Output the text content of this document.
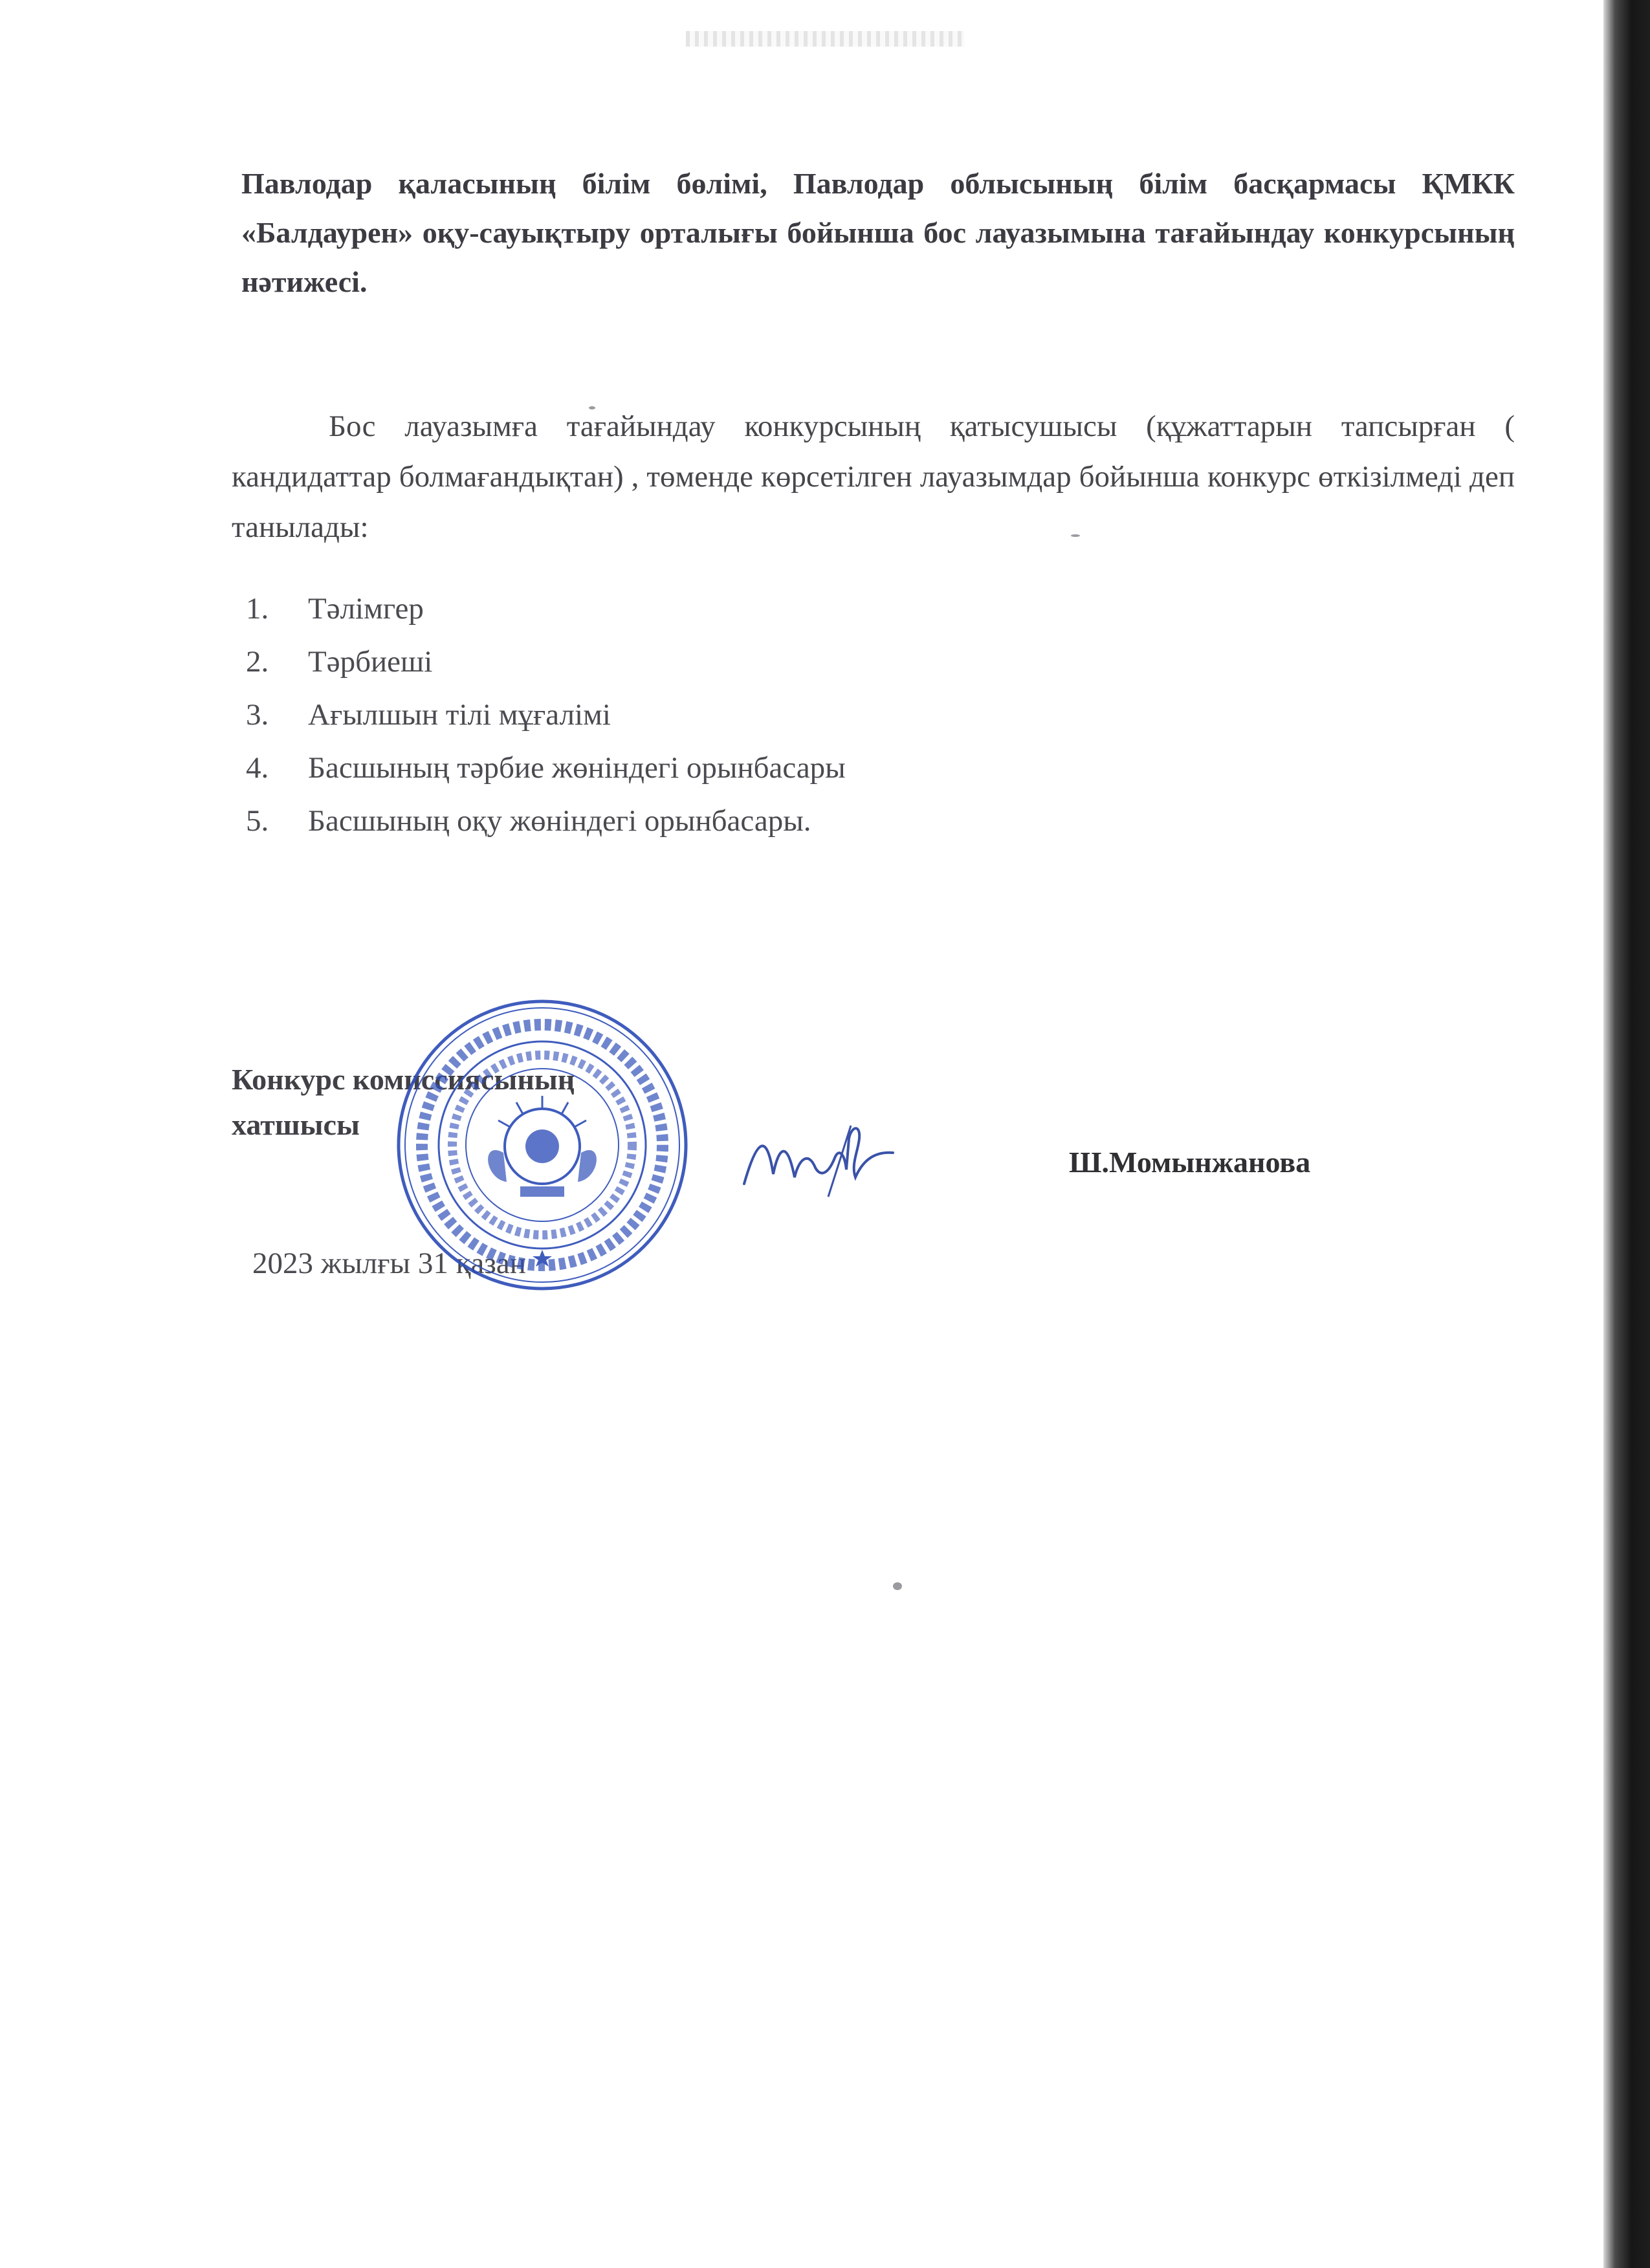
Павлодар қаласының білім бөлімі, Павлодар облысының білім басқармасы ҚМКК «Балдаурен» оқу-сауықтыру орталығы бойынша бос лауазымына тағайындау конкурсының нәтижесі.

Бос лауазымға тағайындау конкурсының қатысушысы (құжаттарын тапсырған ( кандидаттар болмағандықтан) , төменде көрсетілген лауазымдар бойынша конкурс өткізілмеді деп танылады:

1.	Тәлімгер
2.	Тәрбиеші
3.	Ағылшын тілі мұғалімі
4.	Басшының тәрбие жөніндегі орынбасары
5.	Басшының оқу жөніндегі орынбасары.
Конкурс комиссиясының
хатшысы
Ш.Момынжанова
2023 жылғы 31 қазан
